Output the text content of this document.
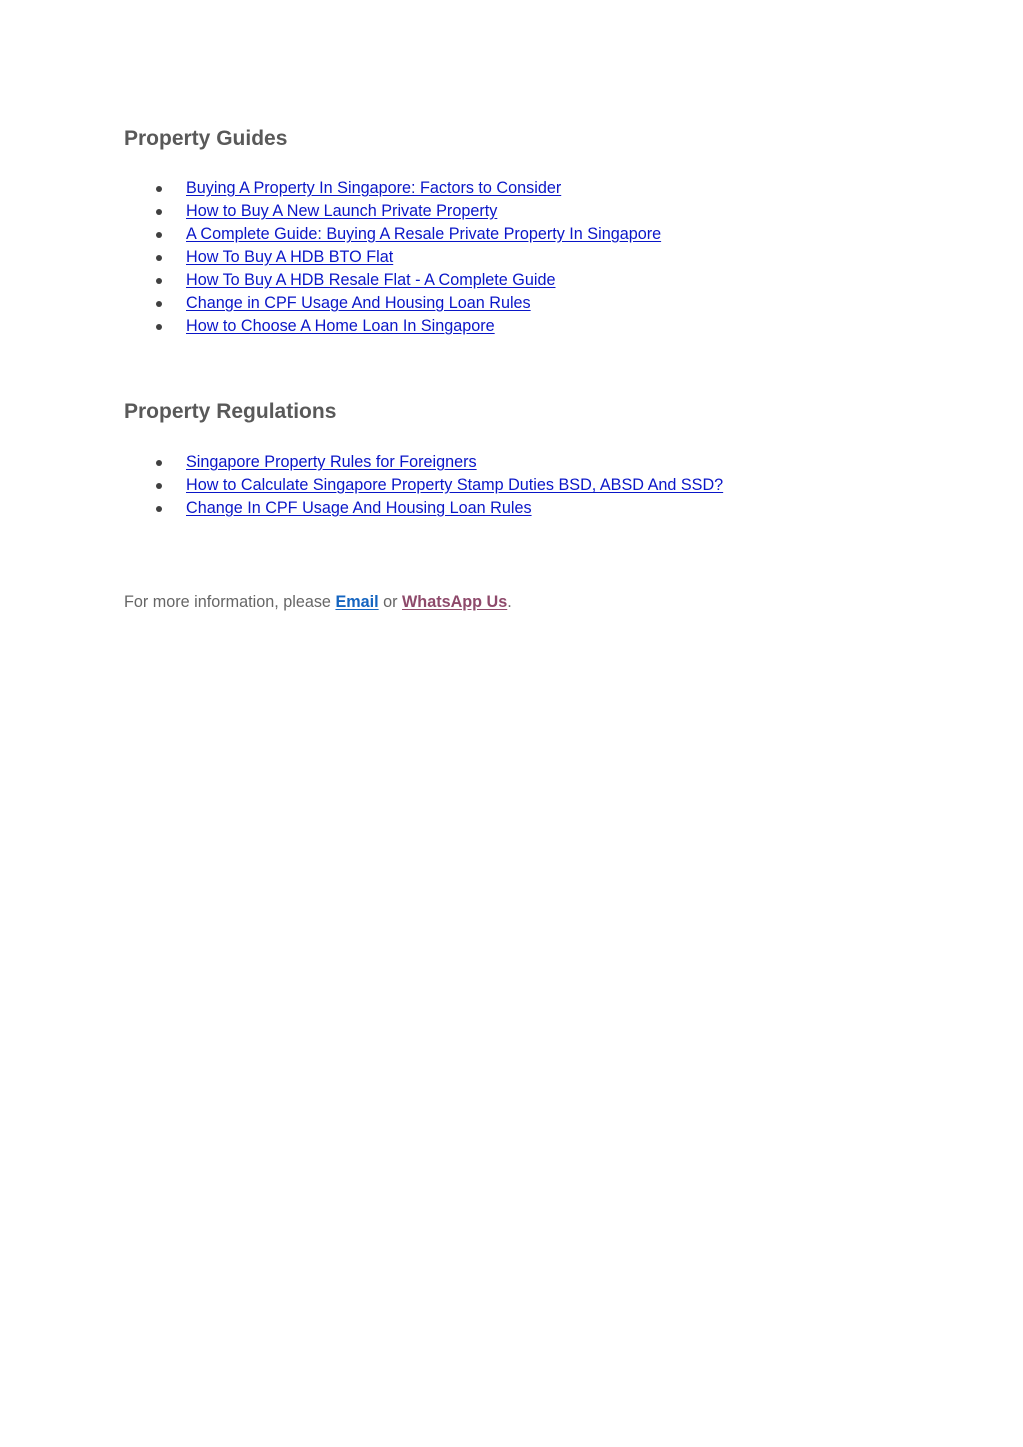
Property Guides
Buying A Property In Singapore: Factors to Consider
How to Buy A New Launch Private Property
A Complete Guide: Buying A Resale Private Property In Singapore
How To Buy A HDB BTO Flat
How To Buy A HDB Resale Flat - A Complete Guide
Change in CPF Usage And Housing Loan Rules
How to Choose A Home Loan In Singapore
Property Regulations
Singapore Property Rules for Foreigners
How to Calculate Singapore Property Stamp Duties BSD, ABSD And SSD?
Change In CPF Usage And Housing Loan Rules

For more information, please Email or WhatsApp Us.
